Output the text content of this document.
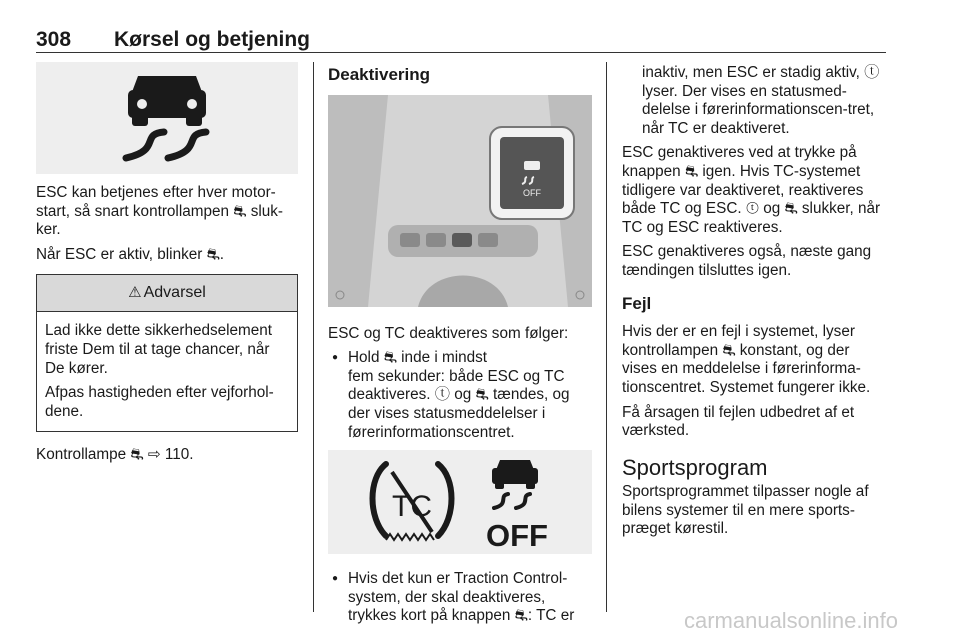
308 Kørsel og betjening

ESC kan betjenes efter hver motor-start, så snart kontrollampen ⛐ sluk-ker.

Når ESC er aktiv, blinker ⛐.

⚠ Advarsel

Lad ikke dette sikkerhedselement friste Dem til at tage chancer, når De kører.

Afpas hastigheden efter vejforhol-dene.

Kontrollampe ⛐ ⇨ 110.

Deaktivering
OFF

ESC og TC deaktiveres som følger:

● Hold ⛐ inde i mindst
fem sekunder: både ESC og TC deaktiveres. ⓣ og ⛐ tændes, og der vises statusmeddelelser i førerinformationscentret.
TC
OFF
● Hvis det kun er Traction Control-system, der skal deaktiveres, trykkes kort på knappen ⛐: TC er

inaktiv, men ESC er stadig aktiv, ⓣ lyser. Der vises en statusmed-delelse i førerinformationscen-tret, når TC er deaktiveret.

ESC genaktiveres ved at trykke på knappen ⛐ igen. Hvis TC-systemet tidligere var deaktiveret, reaktiveres både TC og ESC. ⓣ og ⛐ slukker, når TC og ESC reaktiveres.

ESC genaktiveres også, næste gang tændingen tilsluttes igen.

Fejl

Hvis der er en fejl i systemet, lyser kontrollampen ⛐ konstant, og der vises en meddelelse i førerinforma-tionscentret. Systemet fungerer ikke.

Få årsagen til fejlen udbedret af et værksted.

Sportsprogram

Sportsprogrammet tilpasser nogle af bilens systemer til en mere sports-præget kørestil.

carmanualsonline.info
